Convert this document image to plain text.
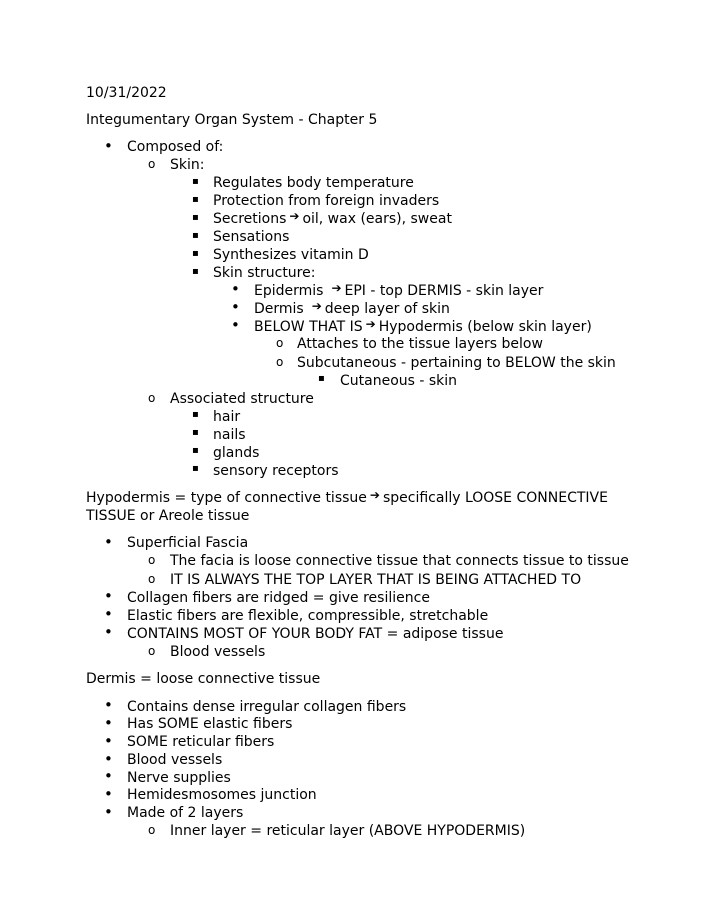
10/31/2022
Integumentary Organ System - Chapter 5
• Composed of:
o Skin:
▪ Regulates body temperature
▪ Protection from foreign invaders
▪ Secretions ➔ oil, wax (ears), sweat
▪ Sensations
▪ Synthesizes vitamin D
▪ Skin structure:
• Epidermis ➔ EPI - top DERMIS - skin layer
• Dermis ➔ deep layer of skin
• BELOW THAT IS ➔ Hypodermis (below skin layer)
o Attaches to the tissue layers below
o Subcutaneous - pertaining to BELOW the skin
▪ Cutaneous - skin
o Associated structure
▪ hair
▪ nails
▪ glands
▪ sensory receptors
Hypodermis = type of connective tissue ➔ specifically LOOSE CONNECTIVE
TISSUE or Areole tissue
• Superficial Fascia
o The facia is loose connective tissue that connects tissue to tissue
o IT IS ALWAYS THE TOP LAYER THAT IS BEING ATTACHED TO
• Collagen fibers are ridged = give resilience
• Elastic fibers are flexible, compressible, stretchable
• CONTAINS MOST OF YOUR BODY FAT = adipose tissue
o Blood vessels
Dermis = loose connective tissue
• Contains dense irregular collagen fibers
• Has SOME elastic fibers
• SOME reticular fibers
• Blood vessels
• Nerve supplies
• Hemidesmosomes junction
• Made of 2 layers
o Inner layer = reticular layer (ABOVE HYPODERMIS)
